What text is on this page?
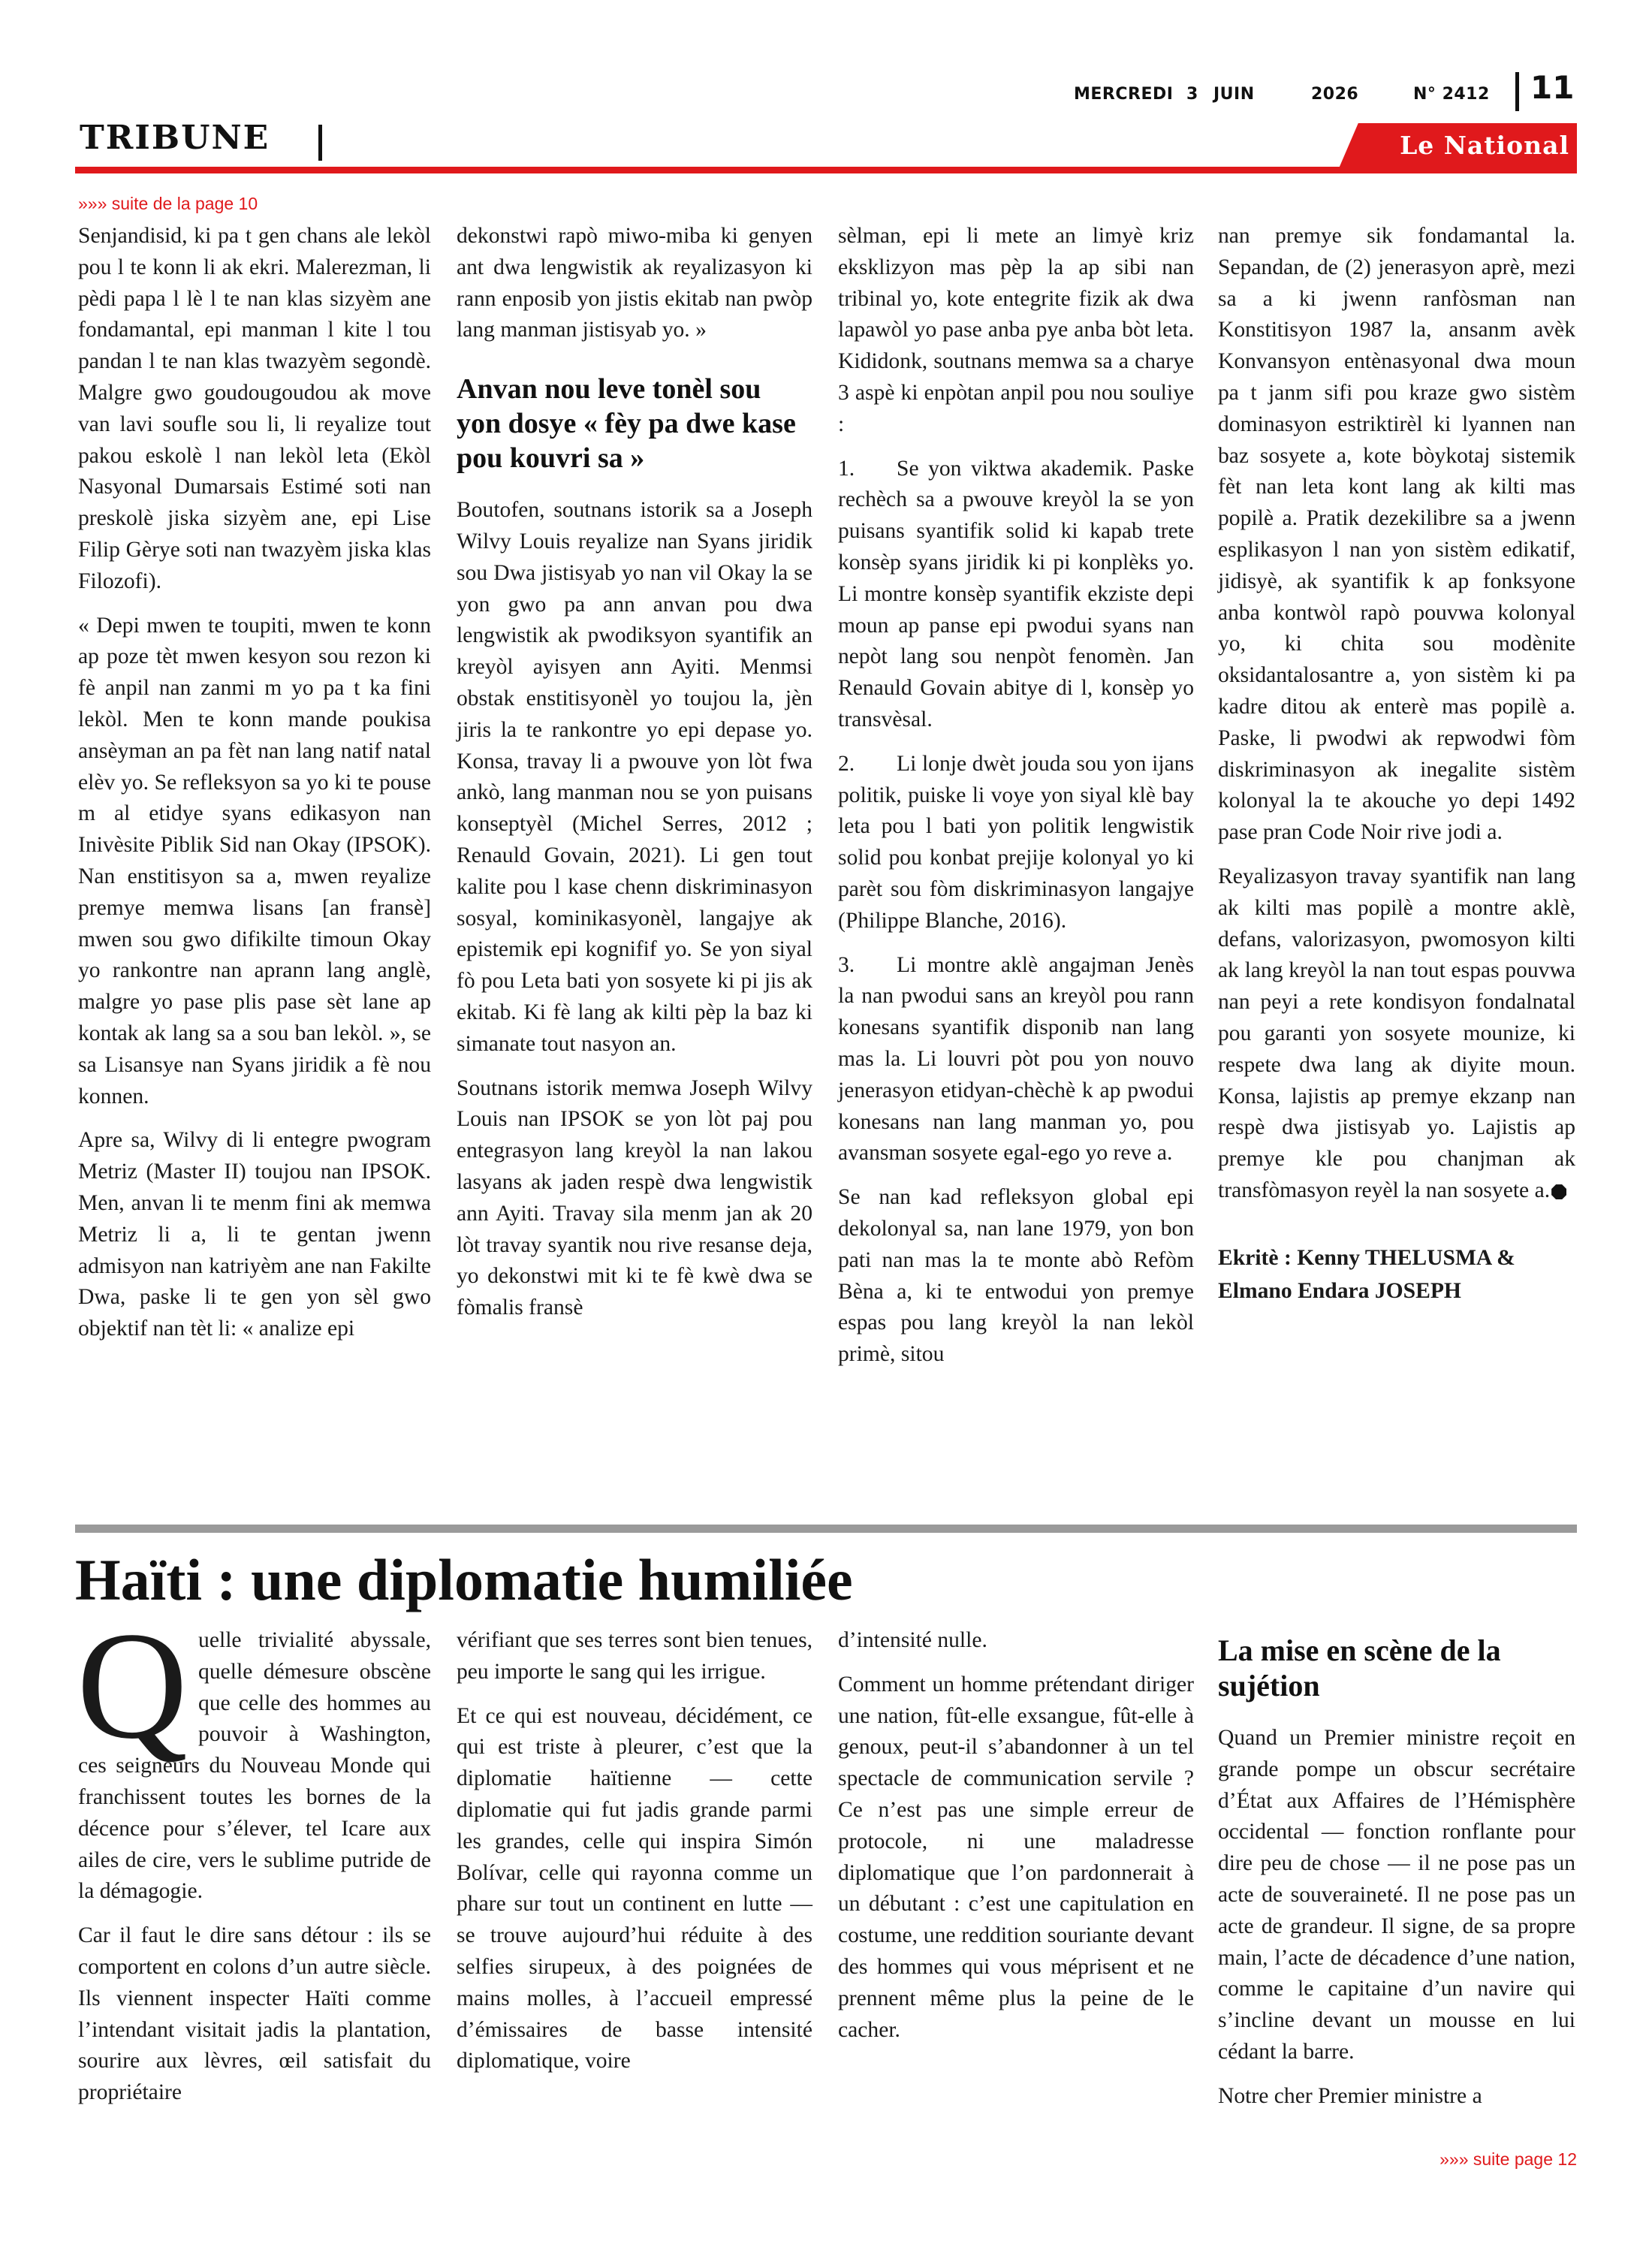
MERCREDI 3 JUIN	2026	N° 2412 11
TRIBUNE	Le National
»»» suite de la page 10

Senjandisid, ki pa t gen chans ale lekòl pou l te konn li ak ekri. Malerezman, li pèdi papa l lè l te nan klas sizyèm ane fondamantal, epi manman l kite l tou pandan l te nan klas twazyèm segondè. Malgre gwo goudougoudou ak move van lavi soufle sou li, li reyalize tout pakou eskolè l nan lekòl leta (Ekòl Nasyonal Dumarsais Estimé soti nan preskolè jiska sizyèm ane, epi Lise Filip Gèrye soti nan twazyèm jiska klas Filozofi).

« Depi mwen te toupiti, mwen te konn ap poze tèt mwen kesyon sou rezon ki fè anpil nan zanmi m yo pa t ka fini lekòl. Men te konn mande poukisa ansèyman an pa fèt nan lang natif natal elèv yo. Se refleksyon sa yo ki te pouse m al etidye syans edikasyon nan Inivèsite Piblik Sid nan Okay (IPSOK). Nan enstitisyon sa a, mwen reyalize premye memwa lisans [an fransè] mwen sou gwo difikilte timoun Okay yo rankontre nan aprann lang anglè, malgre yo pase plis pase sèt lane ap kontak ak lang sa a sou ban lekòl. », se sa Lisansye nan Syans jiridik a fè nou konnen.

Apre sa, Wilvy di li entegre pwogram Metriz (Master II) toujou nan IPSOK. Men, anvan li te menm fini ak memwa Metriz li a, li te gentan jwenn admisyon nan katriyèm ane nan Fakilte Dwa, paske li te gen yon sèl gwo objektif nan tèt li: « analize epi

dekonstwi rapò miwo-miba ki genyen ant dwa lengwistik ak reyalizasyon ki rann enposib yon jistis ekitab nan pwòp lang manman jistisyab yo. »

Anvan nou leve tonèl sou yon dosye « fèy pa dwe kase pou kouvri sa »

Boutofen, soutnans istorik sa a Joseph Wilvy Louis reyalize nan Syans jiridik sou Dwa jistisyab yo nan vil Okay la se yon gwo pa ann anvan pou dwa lengwistik ak pwodiksyon syantifik an kreyòl ayisyen ann Ayiti. Menmsi obstak enstitisyonèl yo toujou la, jèn jiris la te rankontre yo epi depase yo. Konsa, travay li a pwouve yon lòt fwa ankò, lang manman nou se yon puisans konseptyèl (Michel Serres, 2012 ; Renauld Govain, 2021). Li gen tout kalite pou l kase chenn diskriminasyon sosyal, kominikasyonèl, langajye ak epistemik epi kognifif yo. Se yon siyal fò pou Leta bati yon sosyete ki pi jis ak ekitab. Ki fè lang ak kilti pèp la baz ki simanate tout nasyon an.

Soutnans istorik memwa Joseph Wilvy Louis nan IPSOK se yon lòt paj pou entegrasyon lang kreyòl la nan lakou lasyans ak jaden respè dwa lengwistik ann Ayiti. Travay sila menm jan ak 20 lòt travay syantik nou rive resanse deja, yo dekonstwi mit ki te fè kwè dwa se fòmalis fransè

sèlman, epi li mete an limyè kriz eksklizyon mas pèp la ap sibi nan tribinal yo, kote entegrite fizik ak dwa lapawòl yo pase anba pye anba bòt leta. Kididonk, soutnans memwa sa a charye 3 aspè ki enpòtan anpil pou nou souliye :

1. Se yon viktwa akademik. Paske rechèch sa a pwouve kreyòl la se yon puisans syantifik solid ki kapab trete konsèp syans jiridik ki pi konplèks yo. Li montre konsèp syantifik ekziste depi moun ap panse epi pwodui syans nan nepòt lang sou nenpòt fenomèn. Jan Renauld Govain abitye di l, konsèp yo transvèsal.

2. Li lonje dwèt jouda sou yon ijans politik, puiske li voye yon siyal klè bay leta pou l bati yon politik lengwistik solid pou konbat prejije kolonyal yo ki parèt sou fòm diskriminasyon langajye (Philippe Blanche, 2016).

3. Li montre aklè angajman Jenès la nan pwodui sans an kreyòl pou rann konesans syantifik disponib nan lang mas la. Li louvri pòt pou yon nouvo jenerasyon etidyan-chèchè k ap pwodui konesans nan lang manman yo, pou avansman sosyete egal-ego yo reve a.

Se nan kad refleksyon global epi dekolonyal sa, nan lane 1979, yon bon pati nan mas la te monte abò Refòm Bèna a, ki te entwodui yon premye espas pou lang kreyòl la nan lekòl primè, sitou

nan premye sik fondamantal la. Sepandan, de (2) jenerasyon aprè, mezi sa a ki jwenn ranfòsman nan Konstitisyon 1987 la, ansanm avèk Konvansyon entènasyonal dwa moun pa t janm sifi pou kraze gwo sistèm dominasyon estriktirèl ki lyannen nan baz sosyete a, kote bòykotaj sistemik fèt nan leta kont lang ak kilti mas popilè a. Pratik dezekilibre sa a jwenn esplikasyon l nan yon sistèm edikatif, jidisyè, ak syantifik k ap fonksyone anba kontwòl rapò pouvwa kolonyal yo, ki chita sou modènite oksidantalosantre a, yon sistèm ki pa kadre ditou ak enterè mas popilè a. Paske, li pwodwi ak repwodwi fòm diskriminasyon ak inegalite sistèm kolonyal la te akouche yo depi 1492 pase pran Code Noir rive jodi a.

Reyalizasyon travay syantifik nan lang ak kilti mas popilè a montre aklè, defans, valorizasyon, pwomosyon kilti ak lang kreyòl la nan tout espas pouvwa nan peyi a rete kondisyon fondalnatal pou garanti yon sosyete mounize, ki respete dwa lang ak diyite moun. Konsa, lajistis ap premye ekzanp nan respè dwa jistisyab yo. Lajistis ap premye kle pou chanjman ak transfòmasyon reyèl la nan sosyete a.

Ekritè : Kenny THELUSMA & Elmano Endara JOSEPH

Haïti : une diplomatie humiliée

Quelle trivialité abyssale, quelle démesure obscène que celle des hommes au pouvoir à Washington, ces seigneurs du Nouveau Monde qui franchissent toutes les bornes de la décence pour s’élever, tel Icare aux ailes de cire, vers le sublime putride de la démagogie.

Car il faut le dire sans détour : ils se comportent en colons d’un autre siècle. Ils viennent inspecter Haïti comme l’intendant visitait jadis la plantation, sourire aux lèvres, œil satisfait du propriétaire

vérifiant que ses terres sont bien tenues, peu importe le sang qui les irrigue.

Et ce qui est nouveau, décidément, ce qui est triste à pleurer, c’est que la diplomatie haïtienne — cette diplomatie qui fut jadis grande parmi les grandes, celle qui inspira Simón Bolívar, celle qui rayonna comme un phare sur tout un continent en lutte — se trouve aujourd’hui réduite à des selfies sirupeux, à des poignées de mains molles, à l’accueil empressé d’émissaires de basse intensité diplomatique, voire

d’intensité nulle.

Comment un homme prétendant diriger une nation, fût-elle exsangue, fût-elle à genoux, peut-il s’abandonner à un tel spectacle de communication servile ? Ce n’est pas une simple erreur de protocole, ni une maladresse diplomatique que l’on pardonnerait à un débutant : c’est une capitulation en costume, une reddition souriante devant des hommes qui vous méprisent et ne prennent même plus la peine de le cacher.

La mise en scène de la sujétion

Quand un Premier ministre reçoit en grande pompe un obscur secrétaire d’État aux Affaires de l’Hémisphère occidental — fonction ronflante pour dire peu de chose — il ne pose pas un acte de souveraineté. Il ne pose pas un acte de grandeur. Il signe, de sa propre main, l’acte de décadence d’une nation, comme le capitaine d’un navire qui s’incline devant un mousse en lui cédant la barre.

Notre cher Premier ministre a

»»» suite page 12
